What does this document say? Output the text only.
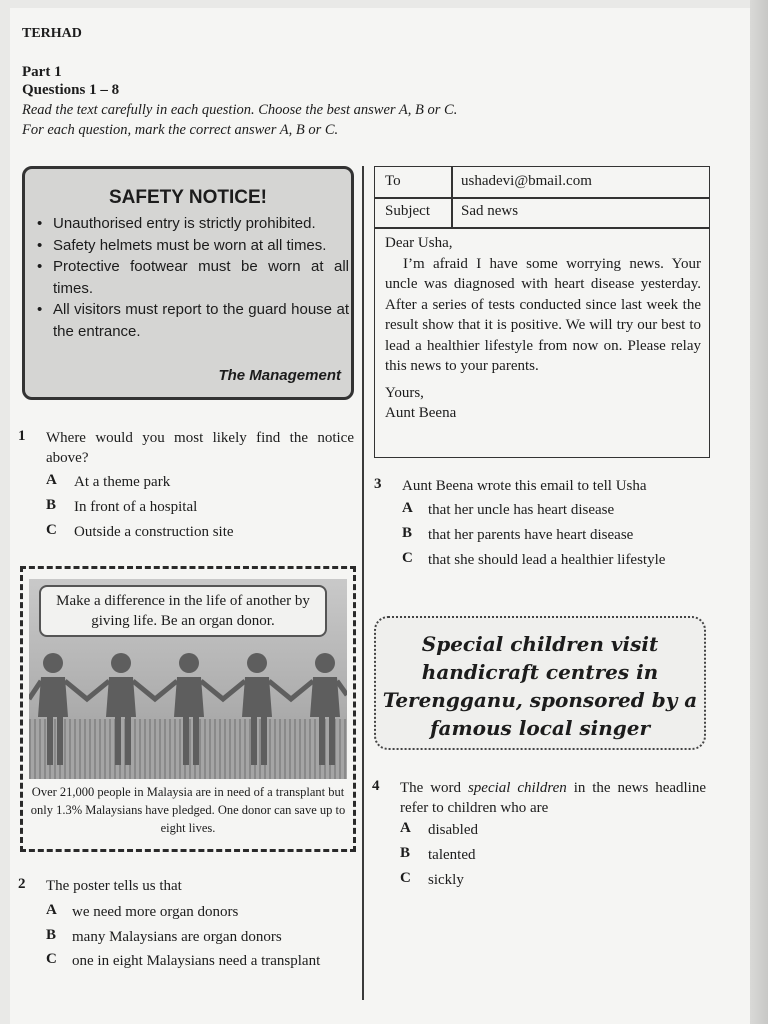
TERHAD
Part 1
Questions 1 – 8
Read the text carefully in each question. Choose the best answer A, B or C.
For each question, mark the correct answer A, B or C.
SAFETY NOTICE!
• Unauthorised entry is strictly prohibited.
• Safety helmets must be worn at all times.
• Protective footwear must be worn at all times.
• All visitors must report to the guard house at the entrance.
The Management
1 Where would you most likely find the notice above?
A At a theme park
B In front of a hospital
C Outside a construction site
Make a difference in the life of another by giving life. Be an organ donor.
Over 21,000 people in Malaysia are in need of a transplant but only 1.3% Malaysians have pledged. One donor can save up to eight lives.
2 The poster tells us that
A we need more organ donors
B many Malaysians are organ donors
C one in eight Malaysians need a transplant
To	ushadevi@bmail.com
Subject Sad news

Dear Usha,

I’m afraid I have some worrying news. Your uncle was diagnosed with heart disease yesterday. After a series of tests conducted since last week the result show that it is positive. We will try our best to lead a healthier lifestyle from now on. Please relay this news to your parents.

Yours,

Aunt Beena

3 Aunt Beena wrote this email to tell Usha
A that her uncle has heart disease
B that her parents have heart disease
C that she should lead a healthier lifestyle
Special children visit handicraft centres in Terengganu, sponsored by a famous local singer
4 The word special children in the news headline refer to children who are
A disabled
B talented
C sickly
